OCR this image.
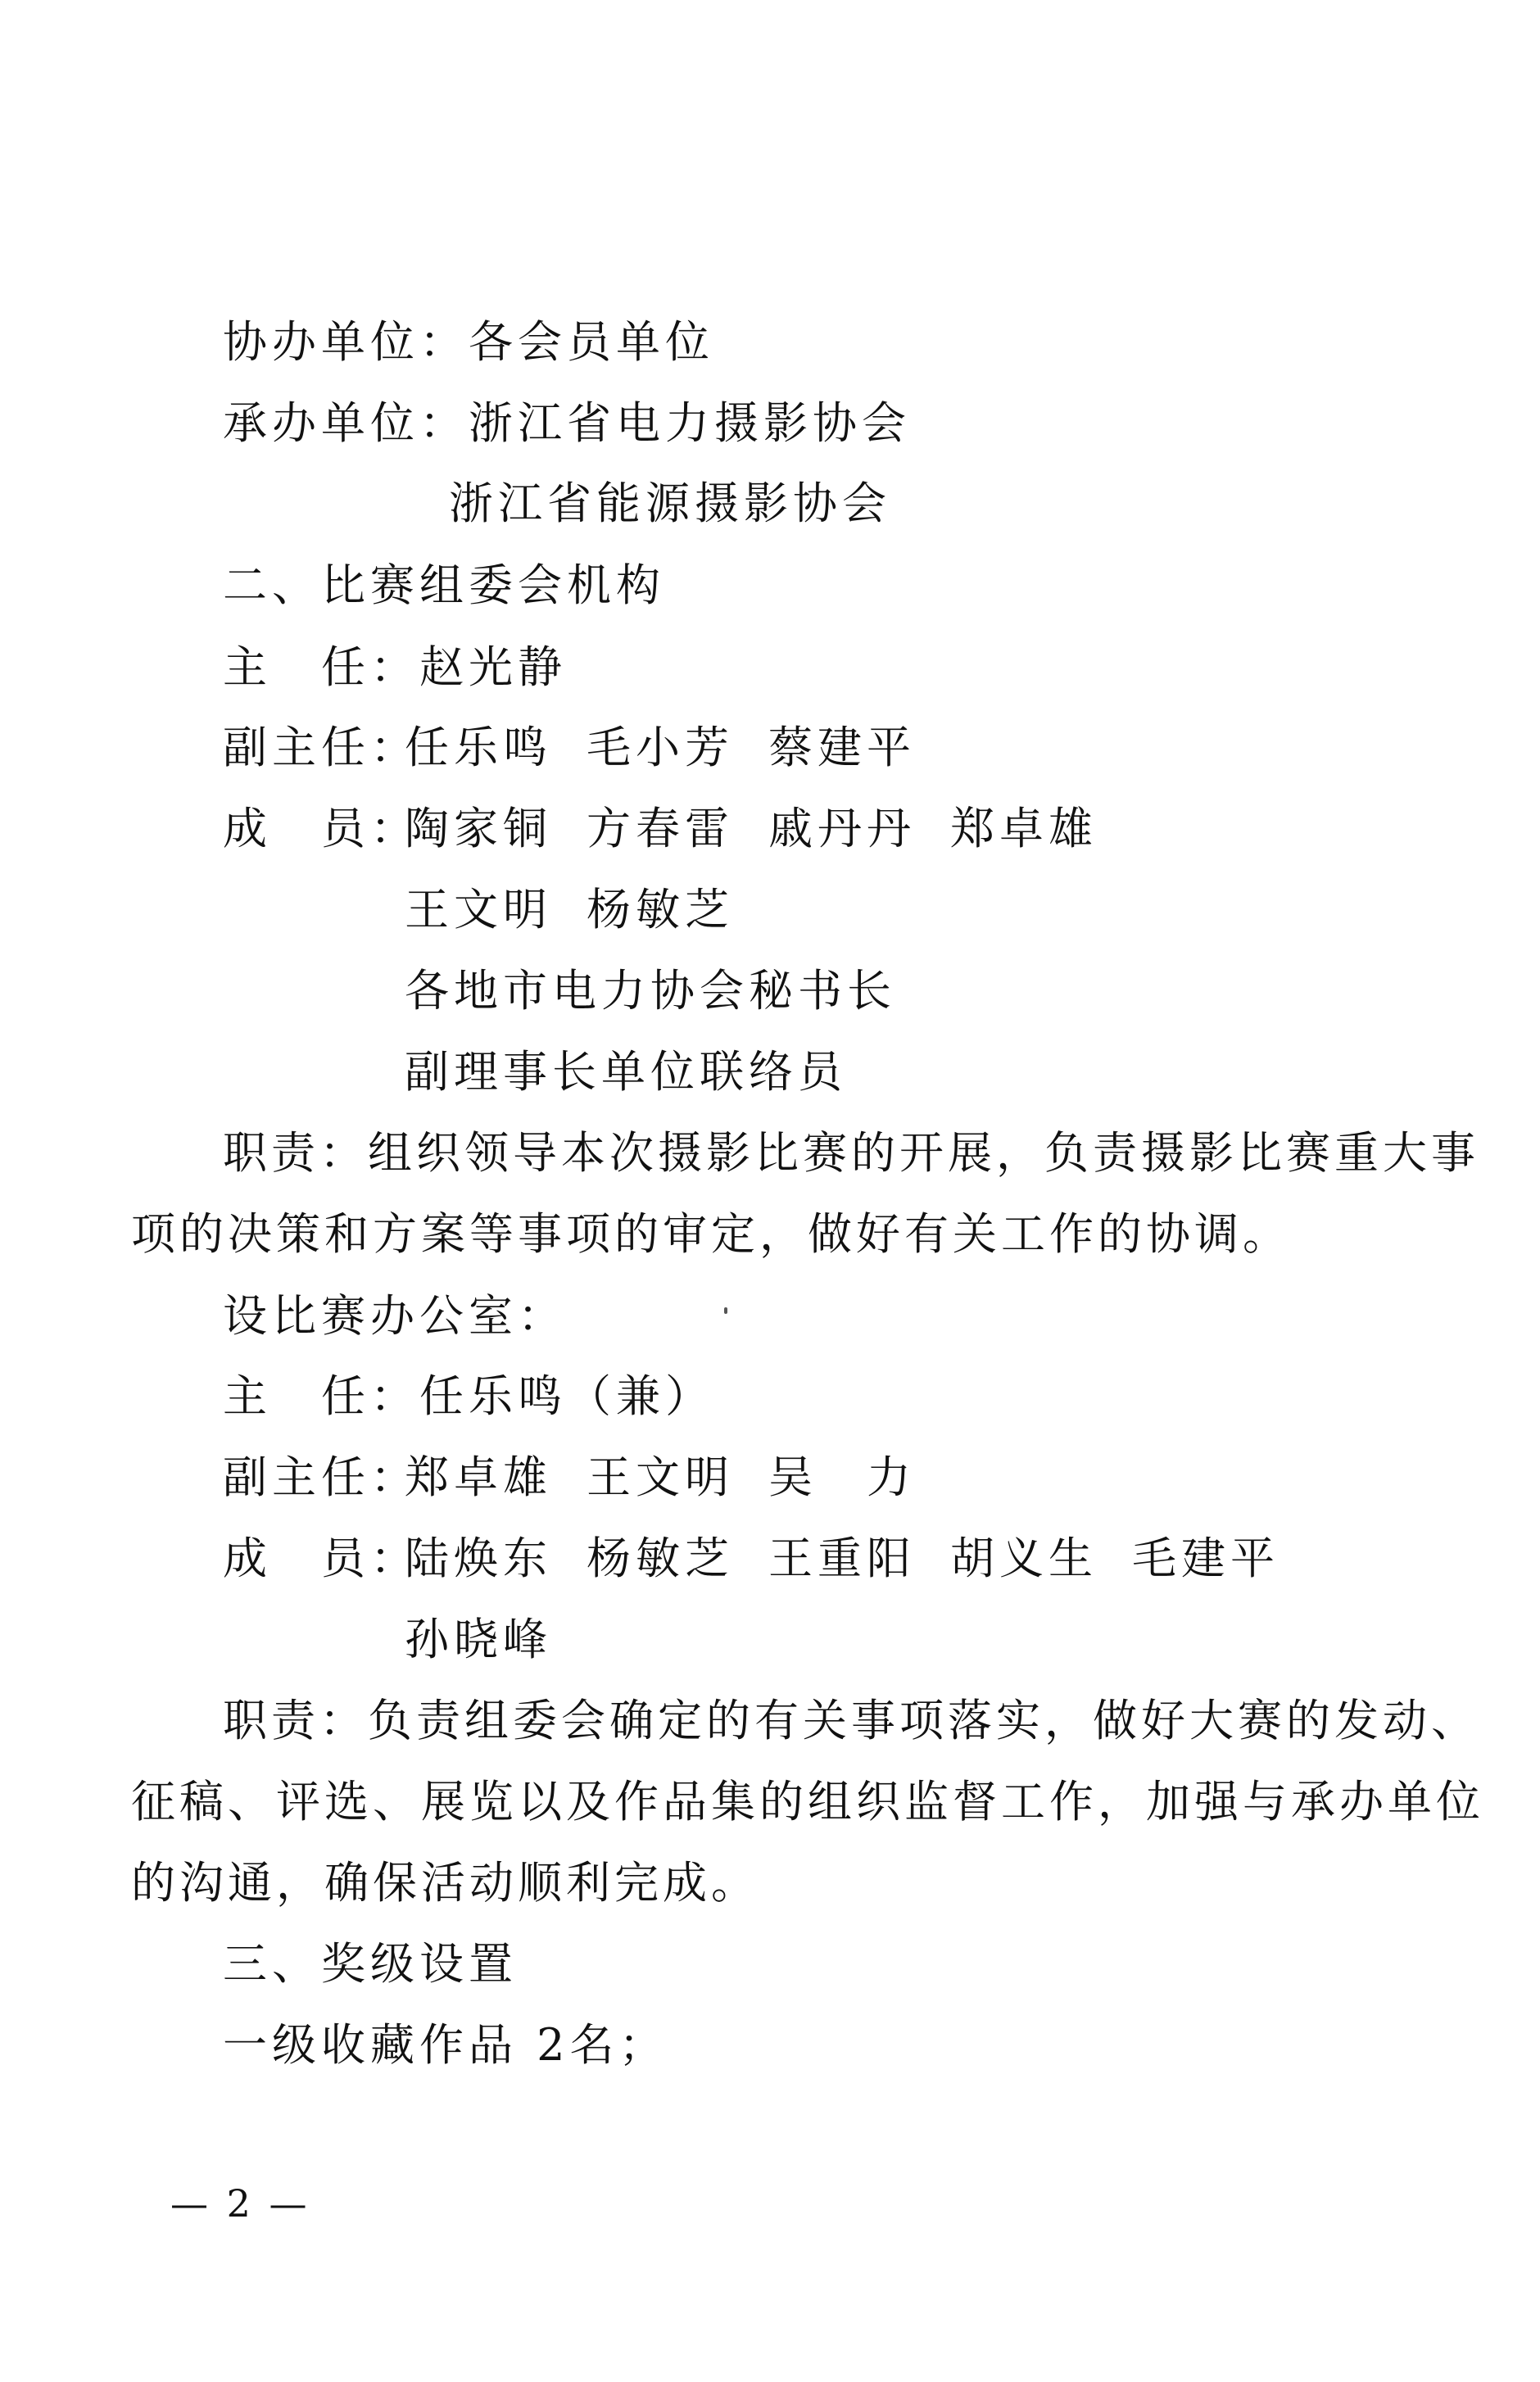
协办单位：各会员单位
承办单位：浙江省电力摄影协会
浙江省能源摄影协会
二、比赛组委会机构
主　任：赵光静
副主任：
任乐鸣 毛小芳 蔡建平
成　员：
陶家铜 方春雷 戚丹丹 郑卓雄
王文明 杨敏芝
各地市电力协会秘书长
副理事长单位联络员
职责：组织领导本次摄影比赛的开展，负责摄影比赛重大事
项的决策和方案等事项的审定，做好有关工作的协调。
设比赛办公室：
主　任：任乐鸣（兼）
副主任：
郑卓雄 王文明 吴　力
成　员：
陆焕东 杨敏芝 王重阳 胡义生 毛建平
孙晓峰
职责：负责组委会确定的有关事项落实，做好大赛的发动、
征稿、评选、展览以及作品集的组织监督工作，加强与承办单位
的沟通，确保活动顺利完成。
三、奖级设置
一级收藏作品 2名；
— 2 —
